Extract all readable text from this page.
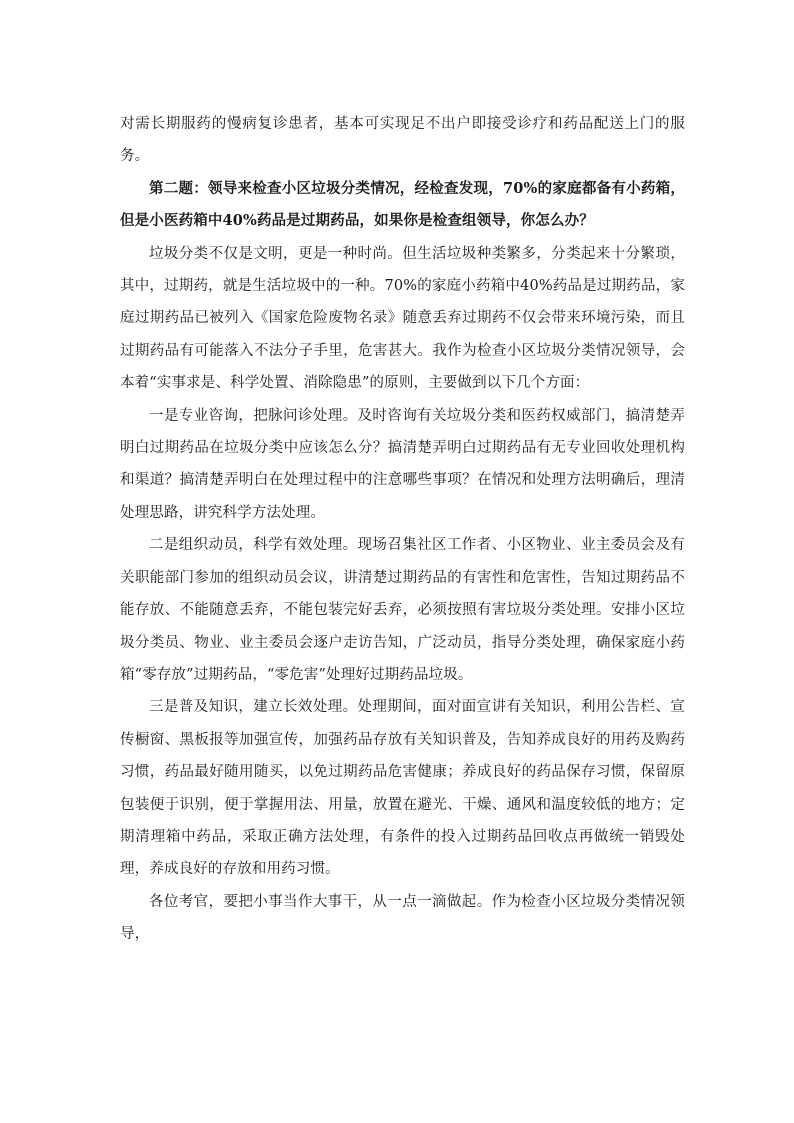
对需长期服药的慢病复诊患者，基本可实现足不出户即接受诊疗和药品配送上门的服务。

第二题：领导来检查小区垃圾分类情况，经检查发现，70%的家庭都备有小药箱，但是小医药箱中40%药品是过期药品，如果你是检查组领导，你怎么办？

垃圾分类不仅是文明，更是一种时尚。但生活垃圾种类繁多，分类起来十分繁琐，其中，过期药，就是生活垃圾中的一种。70%的家庭小药箱中40%药品是过期药品，家庭过期药品已被列入《国家危险废物名录》随意丢弃过期药不仅会带来环境污染，而且过期药品有可能落入不法分子手里，危害甚大。我作为检查小区垃圾分类情况领导，会本着“实事求是、科学处置、消除隐患”的原则，主要做到以下几个方面：

一是专业咨询，把脉问诊处理。及时咨询有关垃圾分类和医药权威部门，搞清楚弄明白过期药品在垃圾分类中应该怎么分？搞清楚弄明白过期药品有无专业回收处理机构和渠道？搞清楚弄明白在处理过程中的注意哪些事项？在情况和处理方法明确后，理清处理思路，讲究科学方法处理。

二是组织动员，科学有效处理。现场召集社区工作者、小区物业、业主委员会及有关职能部门参加的组织动员会议，讲清楚过期药品的有害性和危害性，告知过期药品不能存放、不能随意丢弃，不能包装完好丢弃，必须按照有害垃圾分类处理。安排小区垃圾分类员、物业、业主委员会逐户走访告知，广泛动员，指导分类处理，确保家庭小药箱“零存放”过期药品，“零危害”处理好过期药品垃圾。

三是普及知识，建立长效处理。处理期间，面对面宣讲有关知识，利用公告栏、宣传橱窗、黑板报等加强宣传，加强药品存放有关知识普及，告知养成良好的用药及购药习惯，药品最好随用随买，以免过期药品危害健康；养成良好的药品保存习惯，保留原包装便于识别，便于掌握用法、用量，放置在避光、干燥、通风和温度较低的地方；定期清理箱中药品，采取正确方法处理，有条件的投入过期药品回收点再做统一销毁处理，养成良好的存放和用药习惯。

各位考官，要把小事当作大事干，从一点一滴做起。作为检查小区垃圾分类情况领导，
